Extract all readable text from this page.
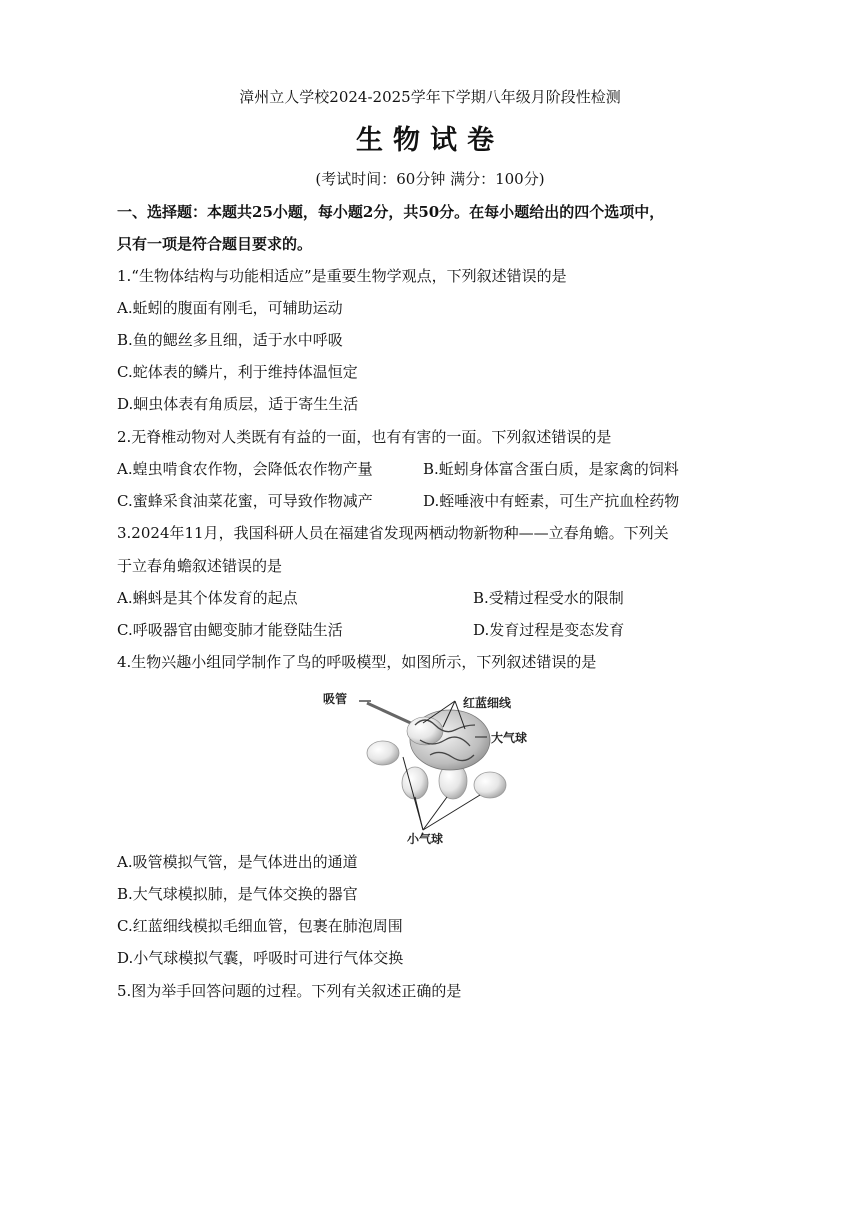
漳州立人学校2024-2025学年下学期八年级月阶段性检测
生物试卷
(考试时间：60分钟 满分：100分)
一、选择题：本题共25小题，每小题2分，共50分。在每小题给出的四个选项中，
只有一项是符合题目要求的。
1.“生物体结构与功能相适应”是重要生物学观点，下列叙述错误的是
A.蚯蚓的腹面有刚毛，可辅助运动
B.鱼的鳃丝多且细，适于水中呼吸
C.蛇体表的鳞片，利于维持体温恒定
D.蛔虫体表有角质层，适于寄生生活
2.无脊椎动物对人类既有有益的一面，也有有害的一面。下列叙述错误的是
A.蝗虫啃食农作物，会降低农作物产量	B.蚯蚓身体富含蛋白质，是家禽的饲料
C.蜜蜂采食油菜花蜜，可导致作物减产	D.蛭唾液中有蛭素，可生产抗血栓药物
3.2024年11月，我国科研人员在福建省发现两栖动物新物种——立春角蟾。下列关
于立春角蟾叙述错误的是
A.蝌蚪是其个体发育的起点	B.受精过程受水的限制
C.呼吸器官由鳃变肺才能登陆生活	D.发育过程是变态发育
4.生物兴趣小组同学制作了鸟的呼吸模型，如图所示，下列叙述错误的是
吸管	红蓝细线
大气球
小气球
A.吸管模拟气管，是气体进出的通道
B.大气球模拟肺，是气体交换的器官
C.红蓝细线模拟毛细血管，包裹在肺泡周围
D.小气球模拟气囊，呼吸时可进行气体交换
5.图为举手回答问题的过程。下列有关叙述正确的是
